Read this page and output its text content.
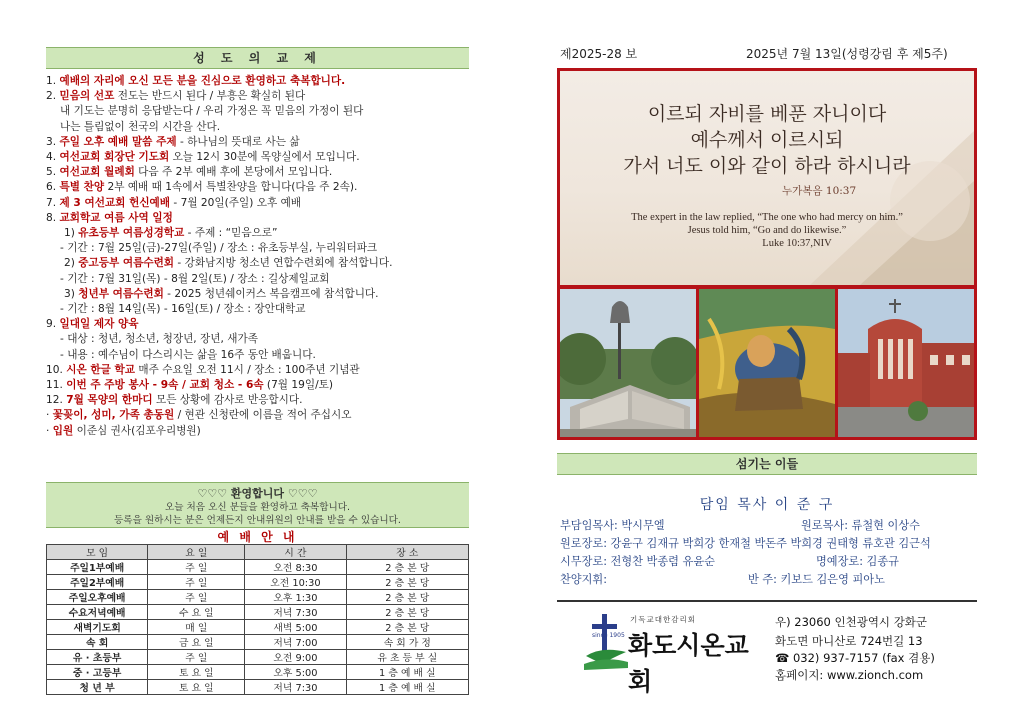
성 도 의 교 제
1. 예배의 자리에 오신 모든 분을 진심으로 환영하고 축복합니다.
2. 믿음의 선포 전도는 반드시 된다 / 부흥은 확실히 된다
내 기도는 분명히 응답받는다 / 우리 가정은 꼭 믿음의 가정이 된다
나는 틀림없이 천국의 시간을 산다.
3. 주일 오후 예배 말씀 주제 - 하나님의 뜻대로 사는 삶
4. 여선교회 회장단 기도회 오늘 12시 30분에 목양실에서 모입니다.
5. 여선교회 월례회 다음 주 2부 예배 후에 본당에서 모입니다.
6. 특별 찬양 2부 예배 때 1속에서 특별찬양을 합니다(다음 주 2속).
7. 제 3 여선교회 헌신예배 - 7월 20일(주일) 오후 예배
8. 교회학교 여름 사역 일정
1) 유초등부 여름성경학교 - 주제 : “믿음으로”
- 기간 : 7월 25일(금)-27일(주일) / 장소 : 유초등부실, 누리워터파크
2) 중고등부 여름수련회 - 강화남지방 청소년 연합수련회에 참석합니다.
- 기간 : 7월 31일(목) - 8월 2일(토) / 장소 : 길상제일교회
3) 청년부 여름수련회 - 2025 청년쉐이커스 복음캠프에 참석합니다.
- 기간 : 8월 14일(목) - 16일(토) / 장소 : 장안대학교
9. 일대일 제자 양육
- 대상 : 청년, 청소년, 청장년, 장년, 새가족
- 내용 : 예수님이 다스리시는 삶을 16주 동안 배웁니다.
10. 시온 한글 학교 매주 수요일 오전 11시 / 장소 : 100주년 기념관
11. 이번 주 주방 봉사 - 9속 / 교회 청소 - 6속 (7월 19일/토)
12. 7월 목양의 한마디 모든 상황에 감사로 반응합시다.
· 꽃꽂이, 성미, 가족 총동원 / 현관 신청란에 이름을 적어 주십시오
· 입원 이준심 권사(김포우리병원)
♡♡♡ 환영합니다 ♡♡♡
오늘 처음 오신 분들을 환영하고 축복합니다.
등록을 원하시는 분은 언제든지 안내위원의 안내를 받을 수 있습니다.
예 배 안 내
모 임	요 일	시 간	장 소
주일1부예배	주 일	오전 8:30	2 층 본 당
주일2부예배	주 일	오전 10:30	2 층 본 당
주일오후예배	주 일	오후 1:30	2 층 본 당
수요저녁예배	수 요 일	저녁 7:30	2 층 본 당
새벽기도회	매 일	새벽 5:00	2 층 본 당
속 회	금 요 일	저녁 7:00	속 회 가 정
유 · 초등부	주 일	오전 9:00	유 초 등 부 실
중 · 고등부	토 요 일	오후 5:00	1 층 예 배 실
청 년 부	토 요 일	저녁 7:30	1 층 예 배 실
제2025-28 보	2025년 7월 13일(성령강림 후 제5주)
이르되 자비를 베푼 자니이다
예수께서 이르시되
가서 너도 이와 같이 하라 하시니라
누가복음 10:37
The expert in the law replied, “The one who had mercy on him.”
Jesus told him, “Go and do likewise.”
Luke 10:37,NIV
섬기는 이들
담임 목사 이 준 구
부담임목사: 박시무엘	원로목사: 류철현 이상수
원로장로: 강윤구 김재규 박희강 한재철 박돈주 박희경 권태형 류호관 김근석
시무장로: 전형찬 박종렴 유윤순	명예장로: 김종규
찬양지휘:	반 주: 키보드 김은영 피아노
기독교대한감리회
since 1905 화도시온교회
우) 23060 인천광역시 강화군
화도면 마니산로 724번길 13
☎ 032) 937-7157 (fax 겸용)
홈페이지: www.zionch.com
